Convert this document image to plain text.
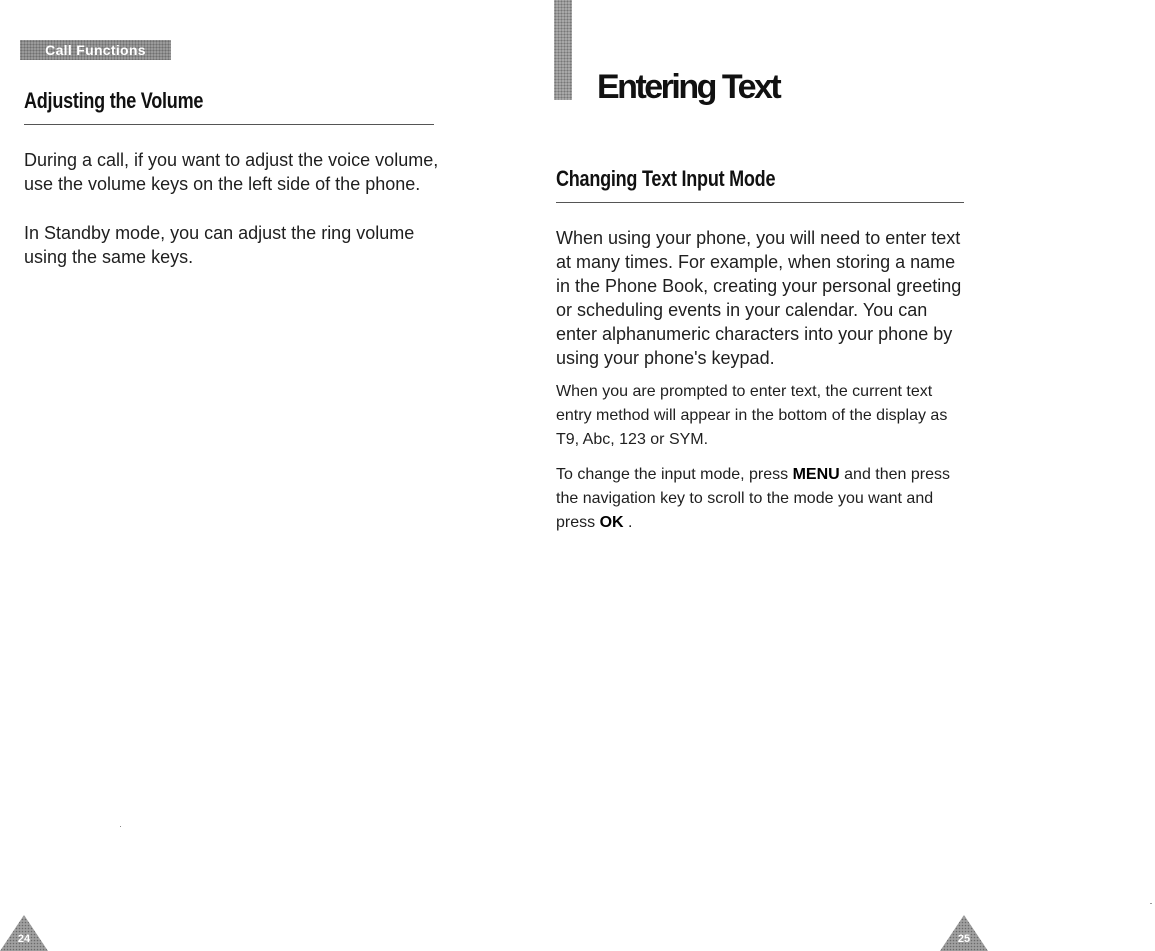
Call Functions
Adjusting the Volume

During a call, if you want to adjust the voice volume, use the volume keys on the left side of the phone.

In Standby mode, you can adjust the ring volume using the same keys.

24
Entering Text
Changing Text Input Mode

When using your phone, you will need to enter text at many times. For example, when storing a name in the Phone Book, creating your personal greeting or scheduling events in your calendar. You can enter alphanumeric characters into your phone by using your phone's keypad.

When you are prompted to enter text, the current text entry method will appear in the bottom of the display as T9, Abc, 123 or SYM.

To change the input mode, press MENU and then press the navigation key to scroll to the mode you want and press OK .

25
